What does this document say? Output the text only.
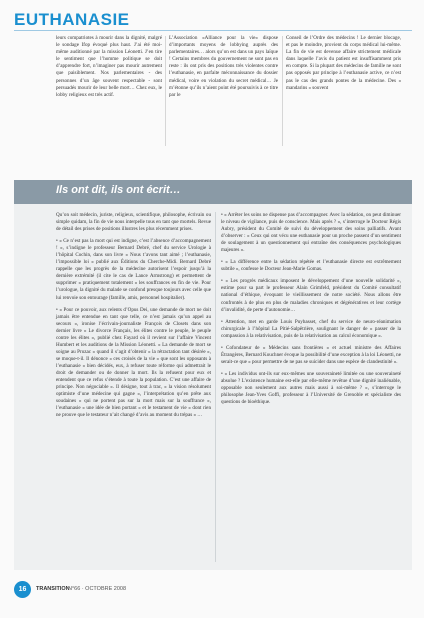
EUTHANASIE
leurs compatriotes à mourir dans la dignité, malgré le sondage Ifop évoqué plus haut. J’ai été moi-même auditionné par la mission Léonetti. J’en tire le sentiment que l’homme politique se doit d’apprendre fort, n’imaginer pas mourir autrement que paisiblement. Nos parlementaires ‐ des personnes d’un âge souvent respectable ‐ sont persuadés mourir de leur belle mort… Chez eux, le lobby religieux est très actif.
L’Association «Alliance pour la vie» dispose d’importants moyens de lobbying auprès des parlementaires… alors qu’on est dans un pays laïque ! Certains membres du gouvernement ne sont pas en reste : ils ont pris des positions très violentes contre l’euthanasie, en parfaite méconnaissance du dossier médical, voire en violation du secret médical… Je m’étonne qu’ils n’aient point été poursuivis à ce titre par le
Conseil de l’Ordre des médecins ! Le dernier blocage, et pas le moindre, provient du corps médical lui-même. La fin de vie est devenue affaire strictement médicale dans laquelle l’avis du patient est insuffisamment pris en compte. Si la plupart des médecins de famille ne sont pas opposés par principe à l’euthanasie active, ce n’est pas le cas des grands pontes de la médecine. Des « mandarins » souvent
Ils ont dit, ils ont écrit…

Qu’on soit médecin, juriste, religieux, scientifique, philosophe, écrivain ou simple quidam, la fin de vie nous interpelle tous en tant que mortels. Revue de détail des prises de positions illustres les plus récemment prises.

• « Ce n’est pas la mort qui est indigne, c’est l’absence d’accompagnement ! », s’indigne le professeur Bernard Debré, chef du service Urologie à l’hôpital Cochin, dans son livre « Nous t’avons tant aimé ; l’euthanasie, l’impossible loi » publié aux Éditions du Cherche-Midi. Bernard Debré rappelle que les progrès de la médecine autorisent l’espoir jusqu’à la dernière extrémité (il cite le cas de Lance Armstrong) et permettent de supprimer « pratiquement totalement » les souffrances en fin de vie. Pour l’urologue, la dignité du malade se confond presque toujours avec celle que lui renvoie son entourage (famille, amis, personnel hospitalier).

• « Pour ce pouvoir, aux relents d’Opus Dei, une demande de mort ne doit jamais être entendue en tant que telle, ce n’est jamais qu’un appel au secours », ironise l’écrivain-journaliste François de Closets dans son dernier livre « Le divorce Français, les élites contre le peuple, le peuple contre les élites », publié chez Fayard où il revient sur l’affaire Vincent Humbert et les auditions de la Mission Léonetti. « La demande de mort se soigne au Prozac » quand il s’agit d’obtenir « la rétractation tant désirée », se moque-t-il. Il dénonce « ces croisés de la vie » que sont les opposants à l’euthanasie « bien décidés, eux, à refuser toute réforme qui admettrait le droit de demander ou de donner la mort. Ils la refusent pour eux et entendent que ce refus s’étende à toute la population. C’est une affaire de principe. Non négociable ». Il désigne, tout à trac, « la vision résolument optimiste d’une médecine qui gagne », l’interprétation qu’en prête aux soudaines « qui ne portent pas sur la mort mais sur la souffrance », l’euthanasie « une idée de bien portant » et le testament de vie « dont rien ne prouve que le testateur n’ait changé d’avis au moment du trépas » …

• « Arrêter les soins ne dispense pas d’accompagner. Avec la sédation, on peut diminuer le niveau de vigilance, puis de conscience. Mais après ? », s’interroge le Docteur Régis Aubry, président du Comité de suivi du développement des soins palliatifs. Avant d’observer : « Ceux qui ont vécu une euthanasie pour un proche passent d’un sentiment de soulagement à un questionnement qui entraîne des conséquences psychologiques majeures ».

• « La différence entre la sédation répétée et l’euthanasie directe est extrêmement subtile », confesse le Docteur Jean-Marie Gomas.

• « Les progrès médicaux imposent le développement d’une nouvelle solidarité », estime pour sa part le professeur Alain Grimfeld, président du Comité consultatif national d’éthique, évoquant le vieillissement de notre société. Nous allons être confrontés à de plus en plus de maladies chroniques et dégénératives et leur cortège d’invalidité, de perte d’autonomie…

• Attention, met en garde Louis Puybasset, chef du service de neuro-réanimation chirurgicale à l’hôpital La Pitié-Salpêtrière, soulignant le danger de « passer de la compassion à la relativisation, puis de la relativisation au calcul économique ».

• Cofondateur de « Médecins sans frontières » et actuel ministre des Affaires Étrangères, Bernard Kouchner évoque la possibilité d’une exception à la loi Léonetti, ne serait-ce que « pour permettre de ne pas se suicider dans une espèce de clandestinité ».

• « Les individus ont-ils sur eux-mêmes une souveraineté limitée ou une souveraineté absolue ? L’existence humaine est-elle par elle-même revêtue d’une dignité inaliénable, opposable non seulement aux autres mais aussi à soi-même ? », s’interroge le philosophe Jean-Yves Goffi, professeur à l’Université de Grenoble et spécialiste des questions de bioéthique.

16	TRANSITION
N°66 · OCTOBRE 2008
